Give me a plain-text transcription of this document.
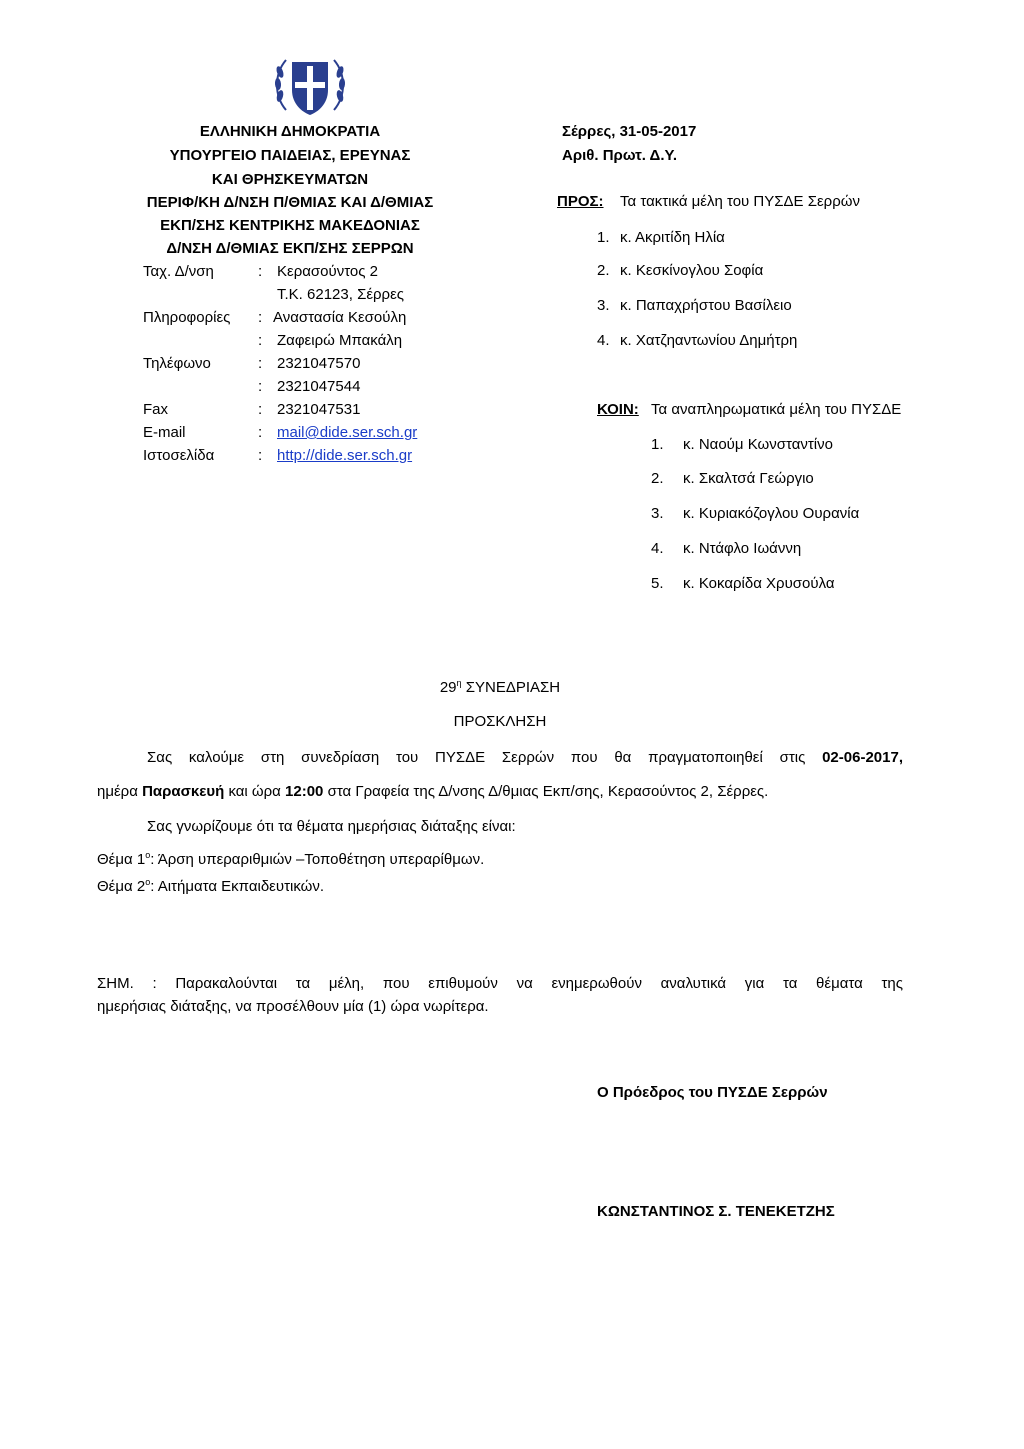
ΕΛΛΗΝΙΚΗ ΔΗΜΟΚΡΑΤΙΑ
ΥΠΟΥΡΓΕΙΟ ΠΑΙΔΕΙΑΣ, ΕΡΕΥΝΑΣ
ΚΑΙ ΘΡΗΣΚΕΥΜΑΤΩΝ
ΠΕΡΙΦ/ΚΗ Δ/ΝΣΗ Π/ΘΜΙΑΣ ΚΑΙ Δ/ΘΜΙΑΣ
ΕΚΠ/ΣΗΣ ΚΕΝΤΡΙΚΗΣ ΜΑΚΕΔΟΝΙΑΣ
Δ/ΝΣΗ Δ/ΘΜΙΑΣ ΕΚΠ/ΣΗΣ ΣΕΡΡΩΝ
Ταχ. Δ/νση	: Κερασούντος 2
Τ.Κ. 62123, Σέρρες
Πληροφορίες : Αναστασία Κεσούλη
: Ζαφειρώ Μπακάλη
Τηλέφωνο	: 2321047570
: 2321047544
Fax	: 2321047531
E-mail	: mail@dide.ser.sch.gr
Ιστοσελίδα	: http://dide.ser.sch.gr
Σέρρες, 31-05-2017
Αριθ. Πρωτ. Δ.Υ.
ΠΡΟΣ: Τα τακτικά μέλη του ΠΥΣΔΕ Σερρών
1. κ. Ακριτίδη Ηλία
2. κ. Κεσκίνογλου Σοφία
3. κ. Παπαχρήστου Βασίλειο
4. κ. Χατζηαντωνίου Δημήτρη
ΚΟΙΝ: Τα αναπληρωματικά μέλη του ΠΥΣΔΕ
1. κ. Ναούμ Κωνσταντίνο
2. κ. Σκαλτσά Γεώργιο
3. κ. Κυριακόζογλου Ουρανία
4. κ. Ντάφλο Ιωάννη
5. κ. Κοκαρίδα Χρυσούλα
$29^\eta$ ΣΥΝΕΔΡΙΑΣΗ
ΠΡΟΣΚΛΗΣΗ
Σας καλούμε στη συνεδρίαση του ΠΥΣΔΕ Σερρών που θα πραγματοποιηθεί στις 02-06-2017,
ημέρα Παρασκευή και ώρα 12:00 στα Γραφεία της Δ/νσης Δ/θμιας Εκπ/σης, Κερασούντος 2, Σέρρες.
Σας γνωρίζουμε ότι τα θέματα ημερήσιας διάταξης είναι:
Θέμα $1^o$: Άρση υπεραριθμιών –Τοποθέτηση υπεραρίθμων.
Θέμα $2^o$: Αιτήματα Εκπαιδευτικών.
ΣΗΜ. : Παρακαλούνται τα μέλη, που επιθυμούν να ενημερωθούν αναλυτικά για τα θέματα της
ημερήσιας διάταξης, να προσέλθουν μία (1) ώρα νωρίτερα.
Ο Πρόεδρος του ΠΥΣΔΕ Σερρών
ΚΩΝΣΤΑΝΤΙΝΟΣ Σ. ΤΕΝΕΚΕΤΖΗΣ
